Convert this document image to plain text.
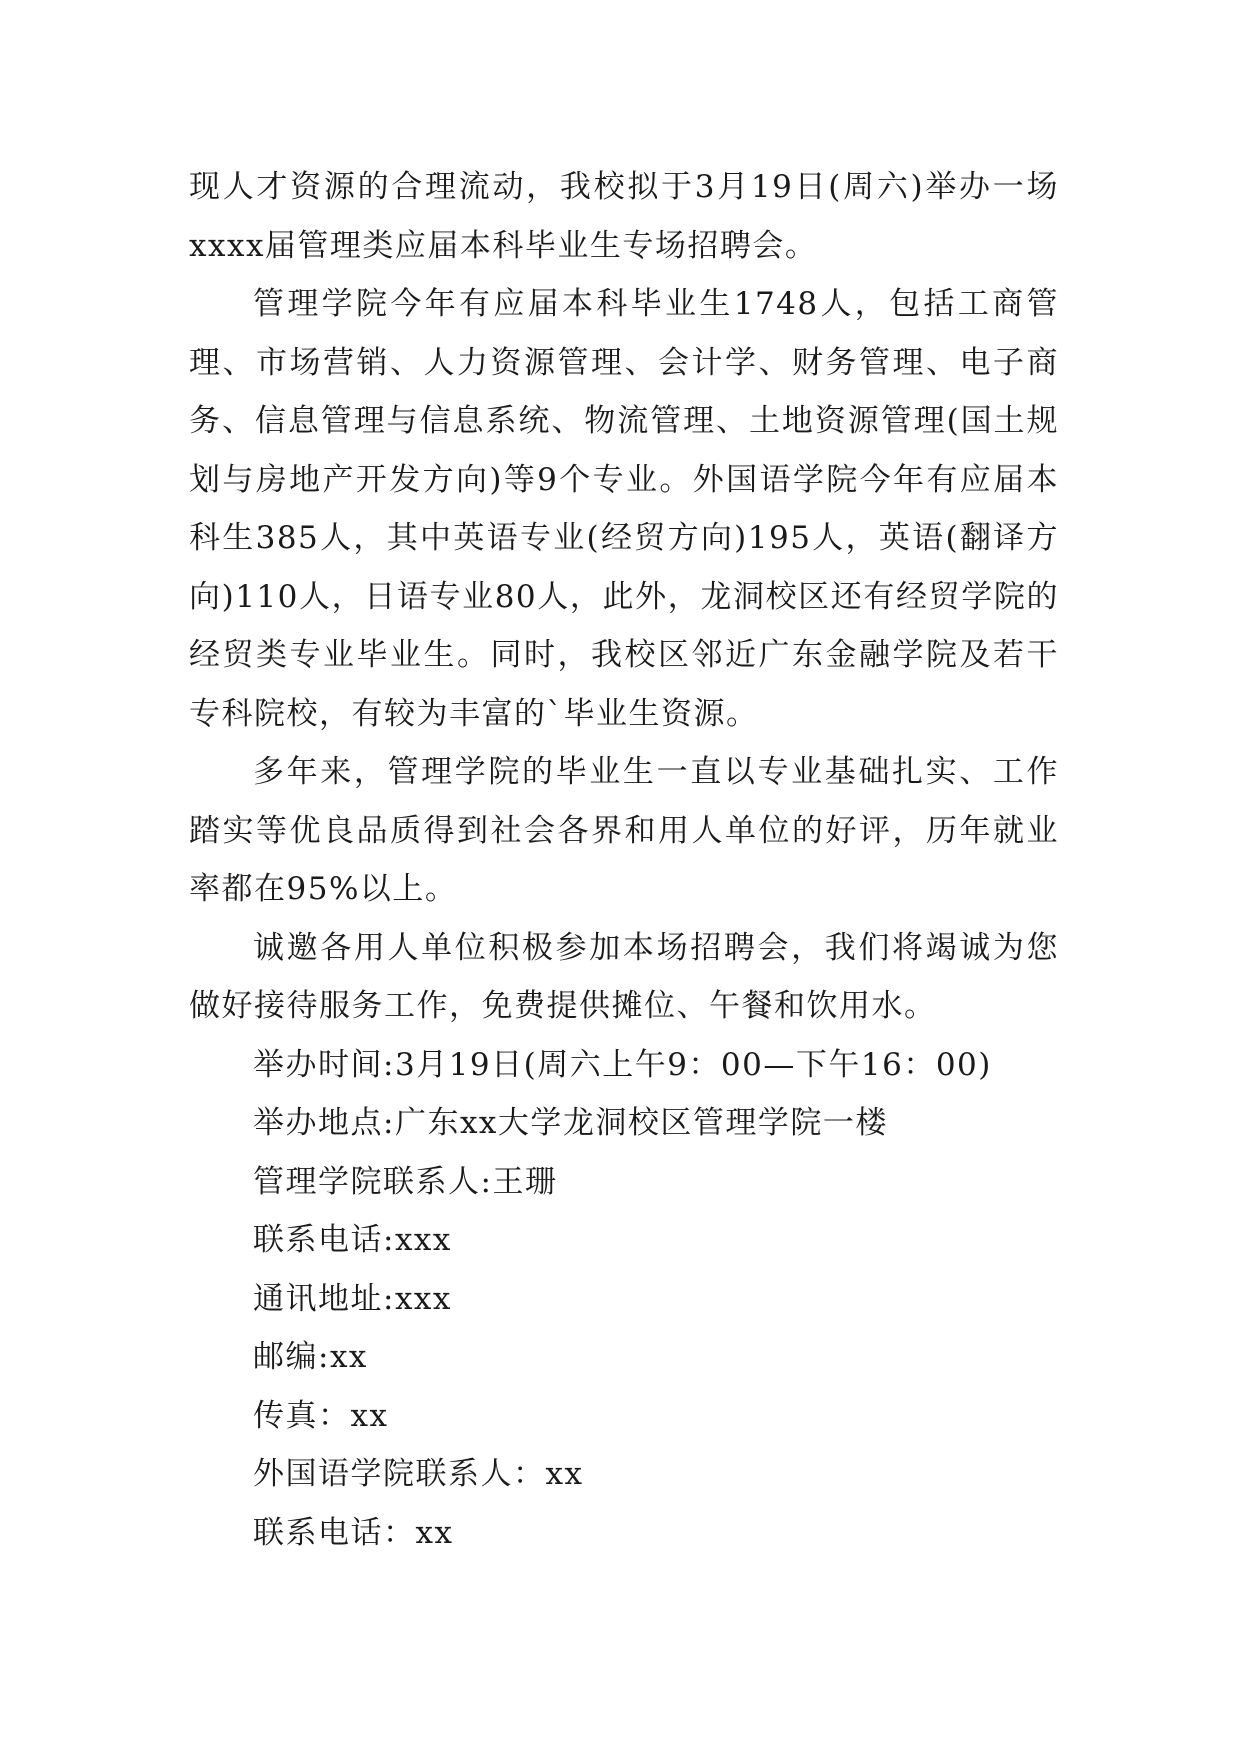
现人才资源的合理流动，我校拟于3月19日(周六)举办一场xxxx届管理类应届本科毕业生专场招聘会。

管理学院今年有应届本科毕业生1748人，包括工商管理、市场营销、人力资源管理、会计学、财务管理、电子商务、信息管理与信息系统、物流管理、土地资源管理(国土规划与房地产开发方向)等9个专业。外国语学院今年有应届本科生385人，其中英语专业(经贸方向)195人，英语(翻译方向)110人，日语专业80人，此外，龙洞校区还有经贸学院的经贸类专业毕业生。同时，我校区邻近广东金融学院及若干专科院校，有较为丰富的`毕业生资源。

多年来，管理学院的毕业生一直以专业基础扎实、工作踏实等优良品质得到社会各界和用人单位的好评，历年就业率都在95%以上。

诚邀各用人单位积极参加本场招聘会，我们将竭诚为您做好接待服务工作，免费提供摊位、午餐和饮用水。

举办时间:3月19日(周六上午9：00—下午16：00)

举办地点:广东xx大学龙洞校区管理学院一楼

管理学院联系人:王珊

联系电话:xxx

通讯地址:xxx

邮编:xx

传真：xx

外国语学院联系人：xx

联系电话：xx
